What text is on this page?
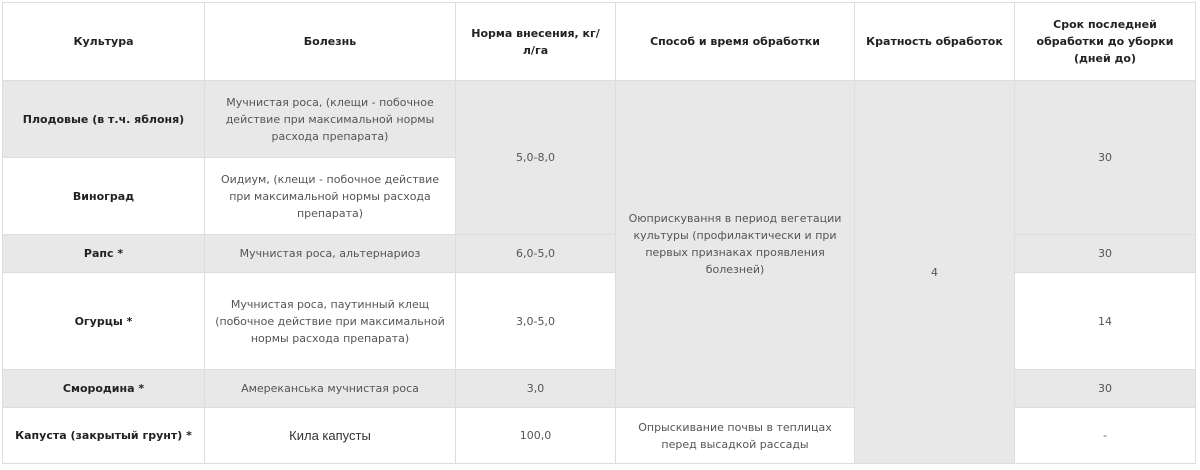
Культура	Болезнь	Норма внесения, кг/л/га	Способ и время обработки	Кратность обработок	Срок последней обработки до уборки (дней до)
Плодовые (в т.ч. яблоня)	Мучнистая роса, (клещи - побочное действие при максимальной нормы расхода препарата)	5,0-8,0	Оюприскування в период вегетации культуры (профилактически и при первых признаках проявления болезней)	4	30
Виноград	Оидиум, (клещи - побочное действие при максимальной нормы расхода препарата)				
Рапс *	Мучнистая роса, альтернариоз	6,0-5,0			30
Огурцы *	Мучнистая роса, паутинный клещ (побочное действие при максимальной нормы расхода препарата)	3,0-5,0			14
Смородина *	Амереканська мучнистая роса	3,0			30
Капуста (закрытый грунт) *	Кила капусты	100,0	Опрыскивание почвы в теплицах перед высадкой рассады		-
